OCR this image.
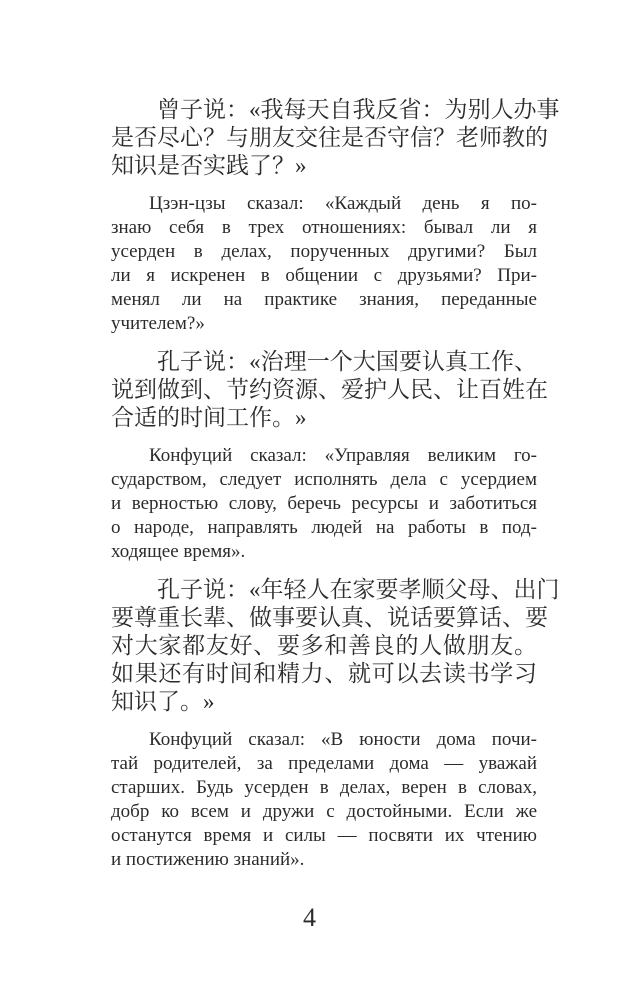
曾子说：«我每天自我反省：为别人办事
是否尽心？与朋友交往是否守信？老师教的
知识是否实践了？»
Цзэн-цзы сказал: «Каждый день я по-
знаю себя в трех отношениях: бывал ли я
усерден в делах, порученных другими? Был
ли я искренен в общении с друзьями? При-
менял ли на практике знания, переданные
учителем?»
孔子说：«治理一个大国要认真工作、
说到做到、节约资源、爱护人民、让百姓在
合适的时间工作。»
Конфуций сказал: «Управляя великим го-
сударством, следует исполнять дела с усердием
и верностью слову, беречь ресурсы и заботиться
о народе, направлять людей на работы в под-
ходящее время».
孔子说：«年轻人在家要孝顺父母、出门
要尊重长辈、做事要认真、说话要算话、要
对大家都友好、要多和善良的人做朋友。
如果还有时间和精力、就可以去读书学习
知识了。»
Конфуций сказал: «В юности дома почи-
тай родителей, за пределами дома — уважай
старших. Будь усерден в делах, верен в словах,
добр ко всем и дружи с достойными. Если же
останутся время и силы — посвяти их чтению
и постижению знаний».
4
